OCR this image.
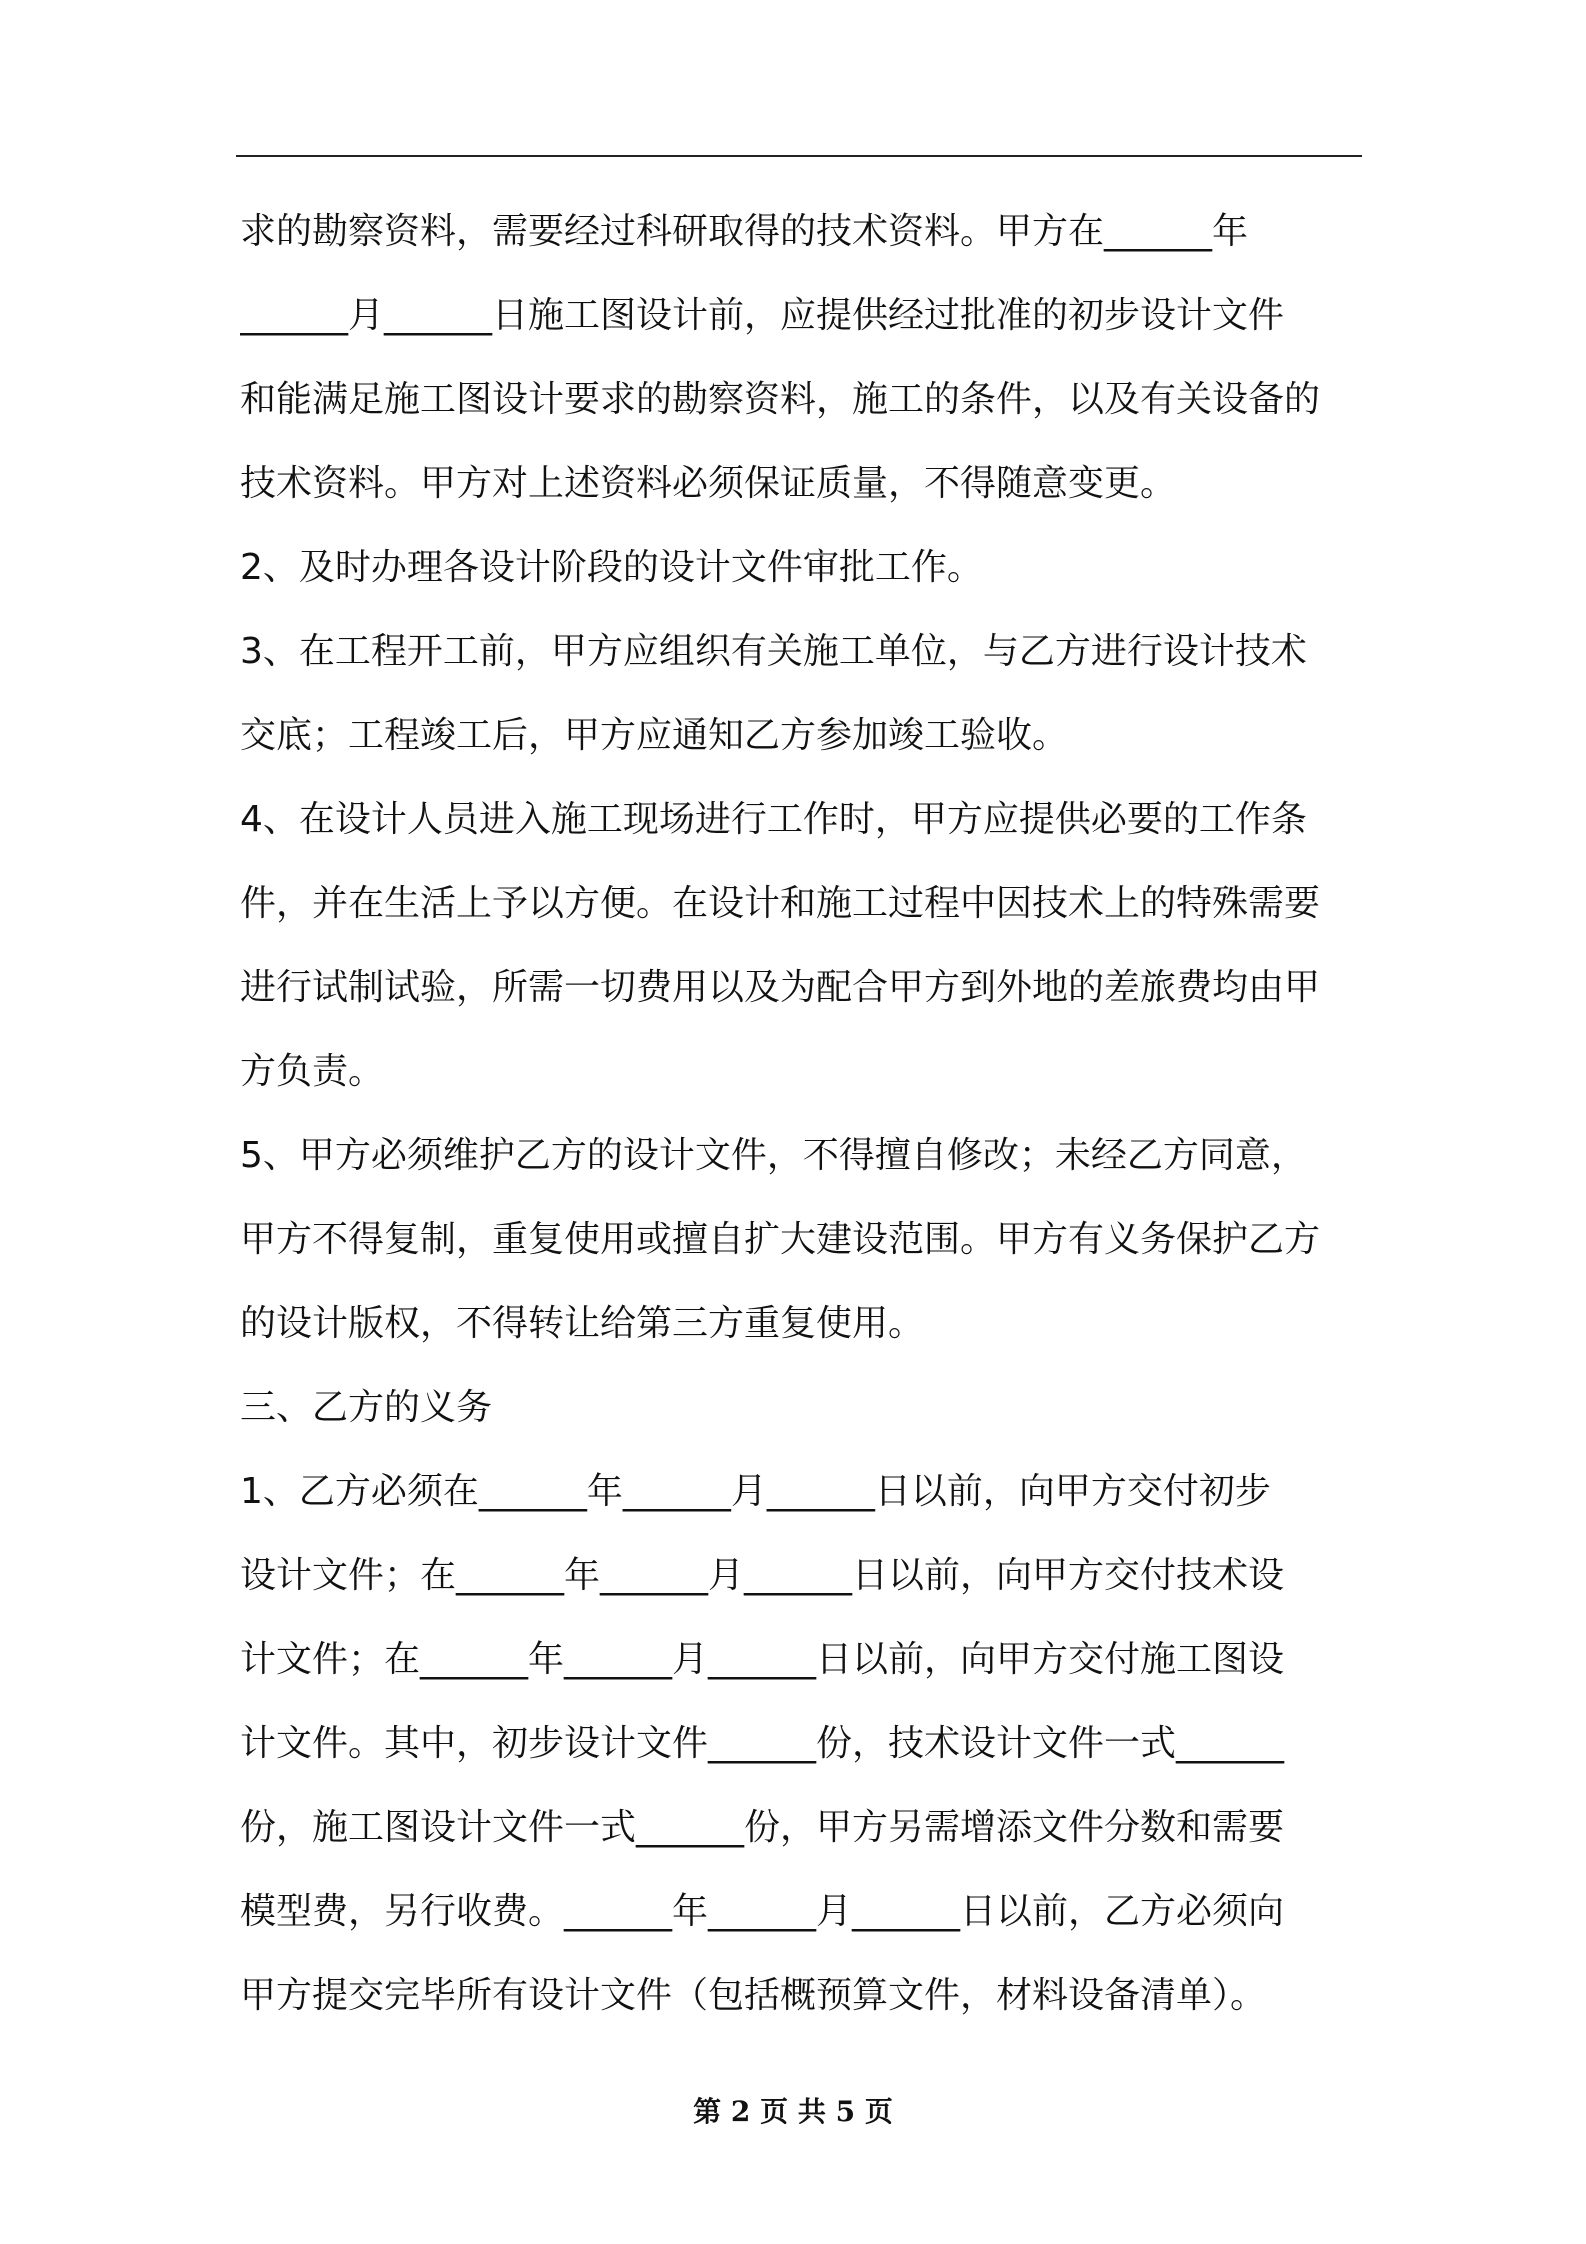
求的勘察资料，需要经过科研取得的技术资料。甲方在______年
______月______日施工图设计前，应提供经过批准的初步设计文件
和能满足施工图设计要求的勘察资料，施工的条件，以及有关设备的
技术资料。甲方对上述资料必须保证质量，不得随意变更。
2、及时办理各设计阶段的设计文件审批工作。
3、在工程开工前，甲方应组织有关施工单位，与乙方进行设计技术
交底；工程竣工后，甲方应通知乙方参加竣工验收。
4、在设计人员进入施工现场进行工作时，甲方应提供必要的工作条
件，并在生活上予以方便。在设计和施工过程中因技术上的特殊需要
进行试制试验，所需一切费用以及为配合甲方到外地的差旅费均由甲
方负责。
5、甲方必须维护乙方的设计文件，不得擅自修改；未经乙方同意，
甲方不得复制，重复使用或擅自扩大建设范围。甲方有义务保护乙方
的设计版权，不得转让给第三方重复使用。
三、乙方的义务
1、乙方必须在______年______月______日以前，向甲方交付初步
设计文件；在______年______月______日以前，向甲方交付技术设
计文件；在______年______月______日以前，向甲方交付施工图设
计文件。其中，初步设计文件______份，技术设计文件一式______
份，施工图设计文件一式______份，甲方另需增添文件分数和需要
模型费，另行收费。______年______月______日以前，乙方必须向
甲方提交完毕所有设计文件（包括概预算文件，材料设备清单）。
第 2 页 共 5 页
